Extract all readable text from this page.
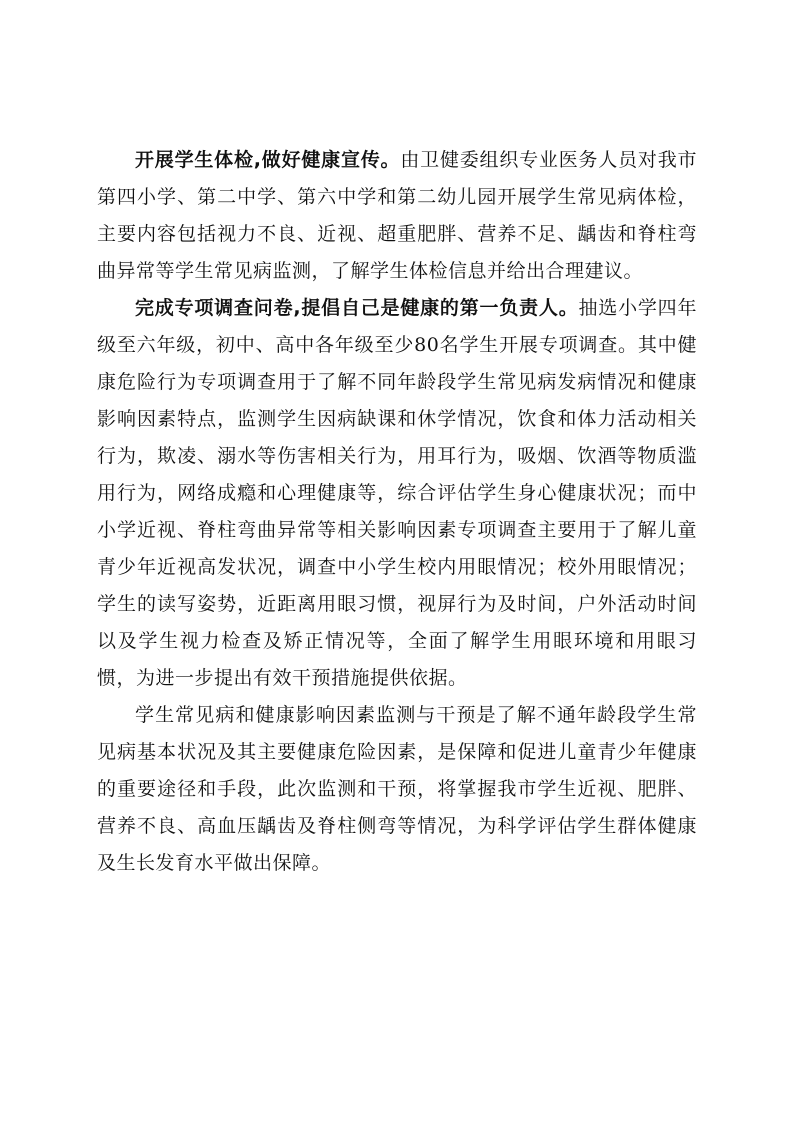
开展学生体检,做好健康宣传。由卫健委组织专业医务人员对我市第四小学、第二中学、第六中学和第二幼儿园开展学生常见病体检，主要内容包括视力不良、近视、超重肥胖、营养不足、龋齿和脊柱弯曲异常等学生常见病监测，了解学生体检信息并给出合理建议。

完成专项调查问卷,提倡自己是健康的第一负责人。抽选小学四年级至六年级，初中、高中各年级至少80名学生开展专项调查。其中健康危险行为专项调查用于了解不同年龄段学生常见病发病情况和健康影响因素特点，监测学生因病缺课和休学情况，饮食和体力活动相关行为，欺凌、溺水等伤害相关行为，用耳行为，吸烟、饮酒等物质滥用行为，网络成瘾和心理健康等，综合评估学生身心健康状况；而中小学近视、脊柱弯曲异常等相关影响因素专项调查主要用于了解儿童青少年近视高发状况，调查中小学生校内用眼情况；校外用眼情况；学生的读写姿势，近距离用眼习惯，视屏行为及时间，户外活动时间以及学生视力检查及矫正情况等，全面了解学生用眼环境和用眼习惯，为进一步提出有效干预措施提供依据。

学生常见病和健康影响因素监测与干预是了解不通年龄段学生常见病基本状况及其主要健康危险因素，是保障和促进儿童青少年健康的重要途径和手段，此次监测和干预，将掌握我市学生近视、肥胖、营养不良、高血压龋齿及脊柱侧弯等情况，为科学评估学生群体健康及生长发育水平做出保障。
